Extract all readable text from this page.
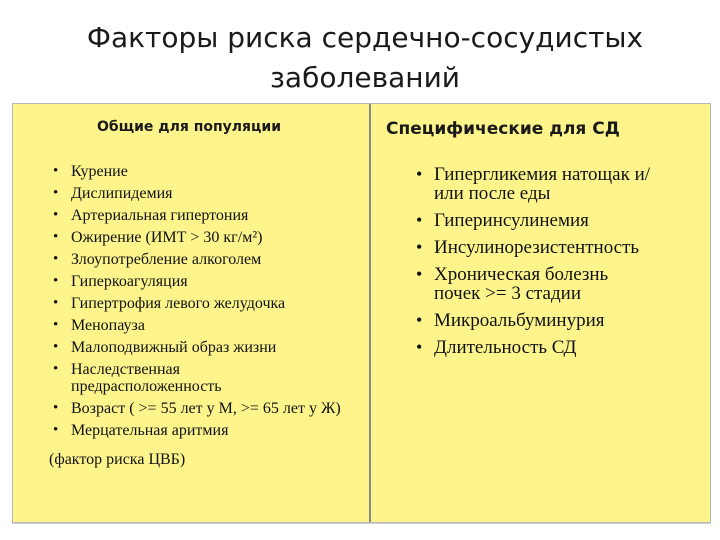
Факторы риска сердечно-сосудистых заболеваний
Общие для популяции
• Курение
• Дислипидемия
• Артериальная гипертония
• Ожирение (ИМТ > 30 кг/м²)
• Злоупотребление алкоголем
• Гиперкоагуляция
• Гипертрофия левого желудочка
• Менопауза
• Малоподвижный образ жизни
• Наследственная предрасположенность
• Возраст ( >= 55 лет у М, >= 65 лет у Ж)
• Мерцательная аритмия
(фактор риска ЦВБ)
Специфические для СД
• Гипергликемия натощак и/или после еды
• Гиперинсулинемия
• Инсулинорезистентность
• Хроническая болезнь почек >= 3 стадии
• Микроальбуминурия
• Длительность СД
